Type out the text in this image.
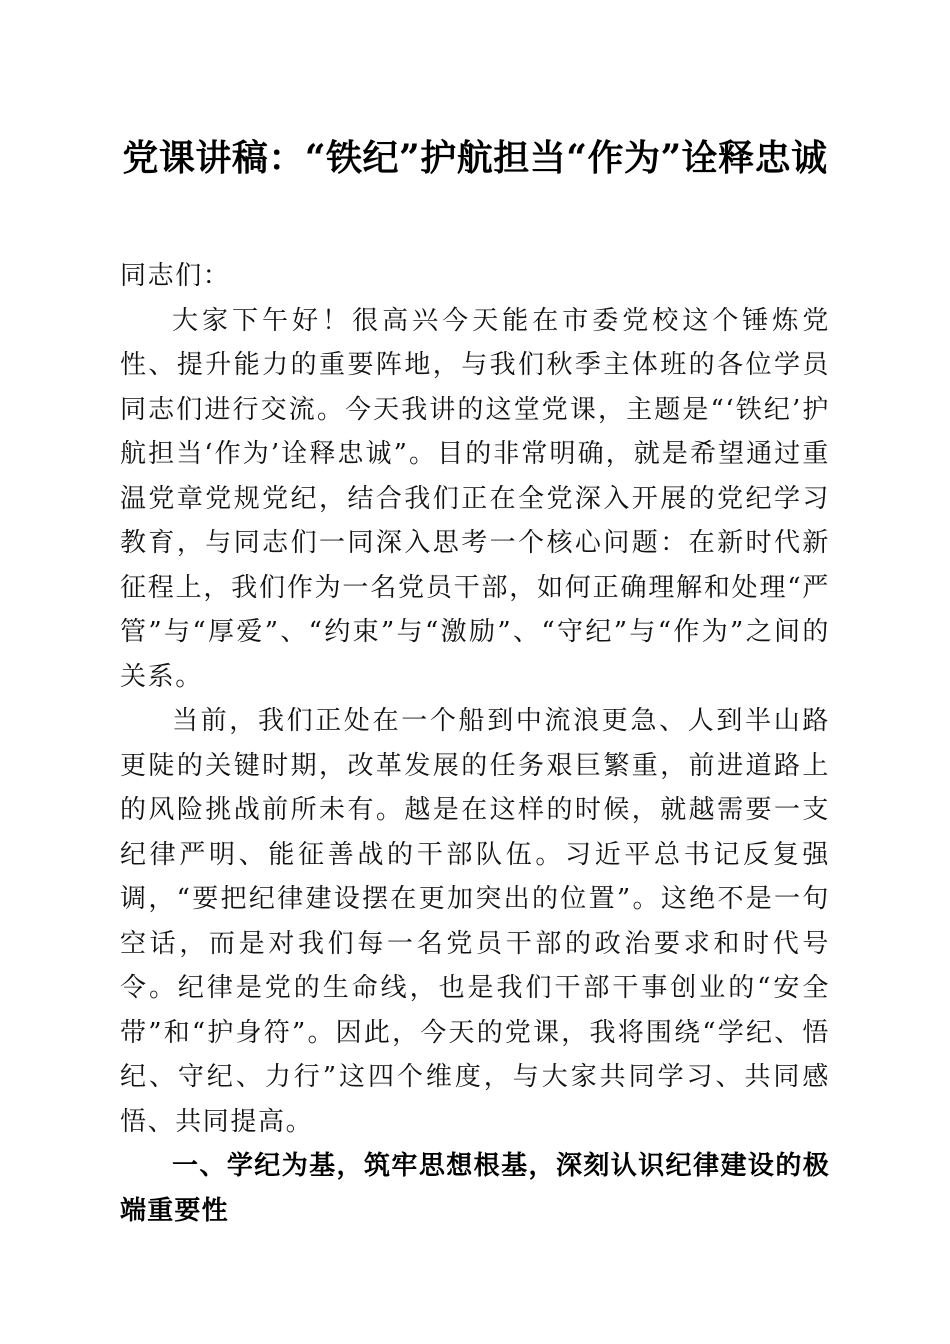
党课讲稿：“铁纪”护航担当“作为”诠释忠诚

同志们：

大家下午好！很高兴今天能在市委党校这个锤炼党性、提升能力的重要阵地，与我们秋季主体班的各位学员同志们进行交流。今天我讲的这堂党课，主题是“‘铁纪’护航担当‘作为’诠释忠诚”。目的非常明确，就是希望通过重温党章党规党纪，结合我们正在全党深入开展的党纪学习教育，与同志们一同深入思考一个核心问题：在新时代新征程上，我们作为一名党员干部，如何正确理解和处理“严管”与“厚爱”、“约束”与“激励”、“守纪”与“作为”之间的关系。

当前，我们正处在一个船到中流浪更急、人到半山路更陡的关键时期，改革发展的任务艰巨繁重，前进道路上的风险挑战前所未有。越是在这样的时候，就越需要一支纪律严明、能征善战的干部队伍。习近平总书记反复强调，“要把纪律建设摆在更加突出的位置”。这绝不是一句空话，而是对我们每一名党员干部的政治要求和时代号令。纪律是党的生命线，也是我们干部干事创业的“安全带”和“护身符”。因此，今天的党课，我将围绕“学纪、悟纪、守纪、力行”这四个维度，与大家共同学习、共同感悟、共同提高。

一、学纪为基，筑牢思想根基，深刻认识纪律建设的极端重要性
